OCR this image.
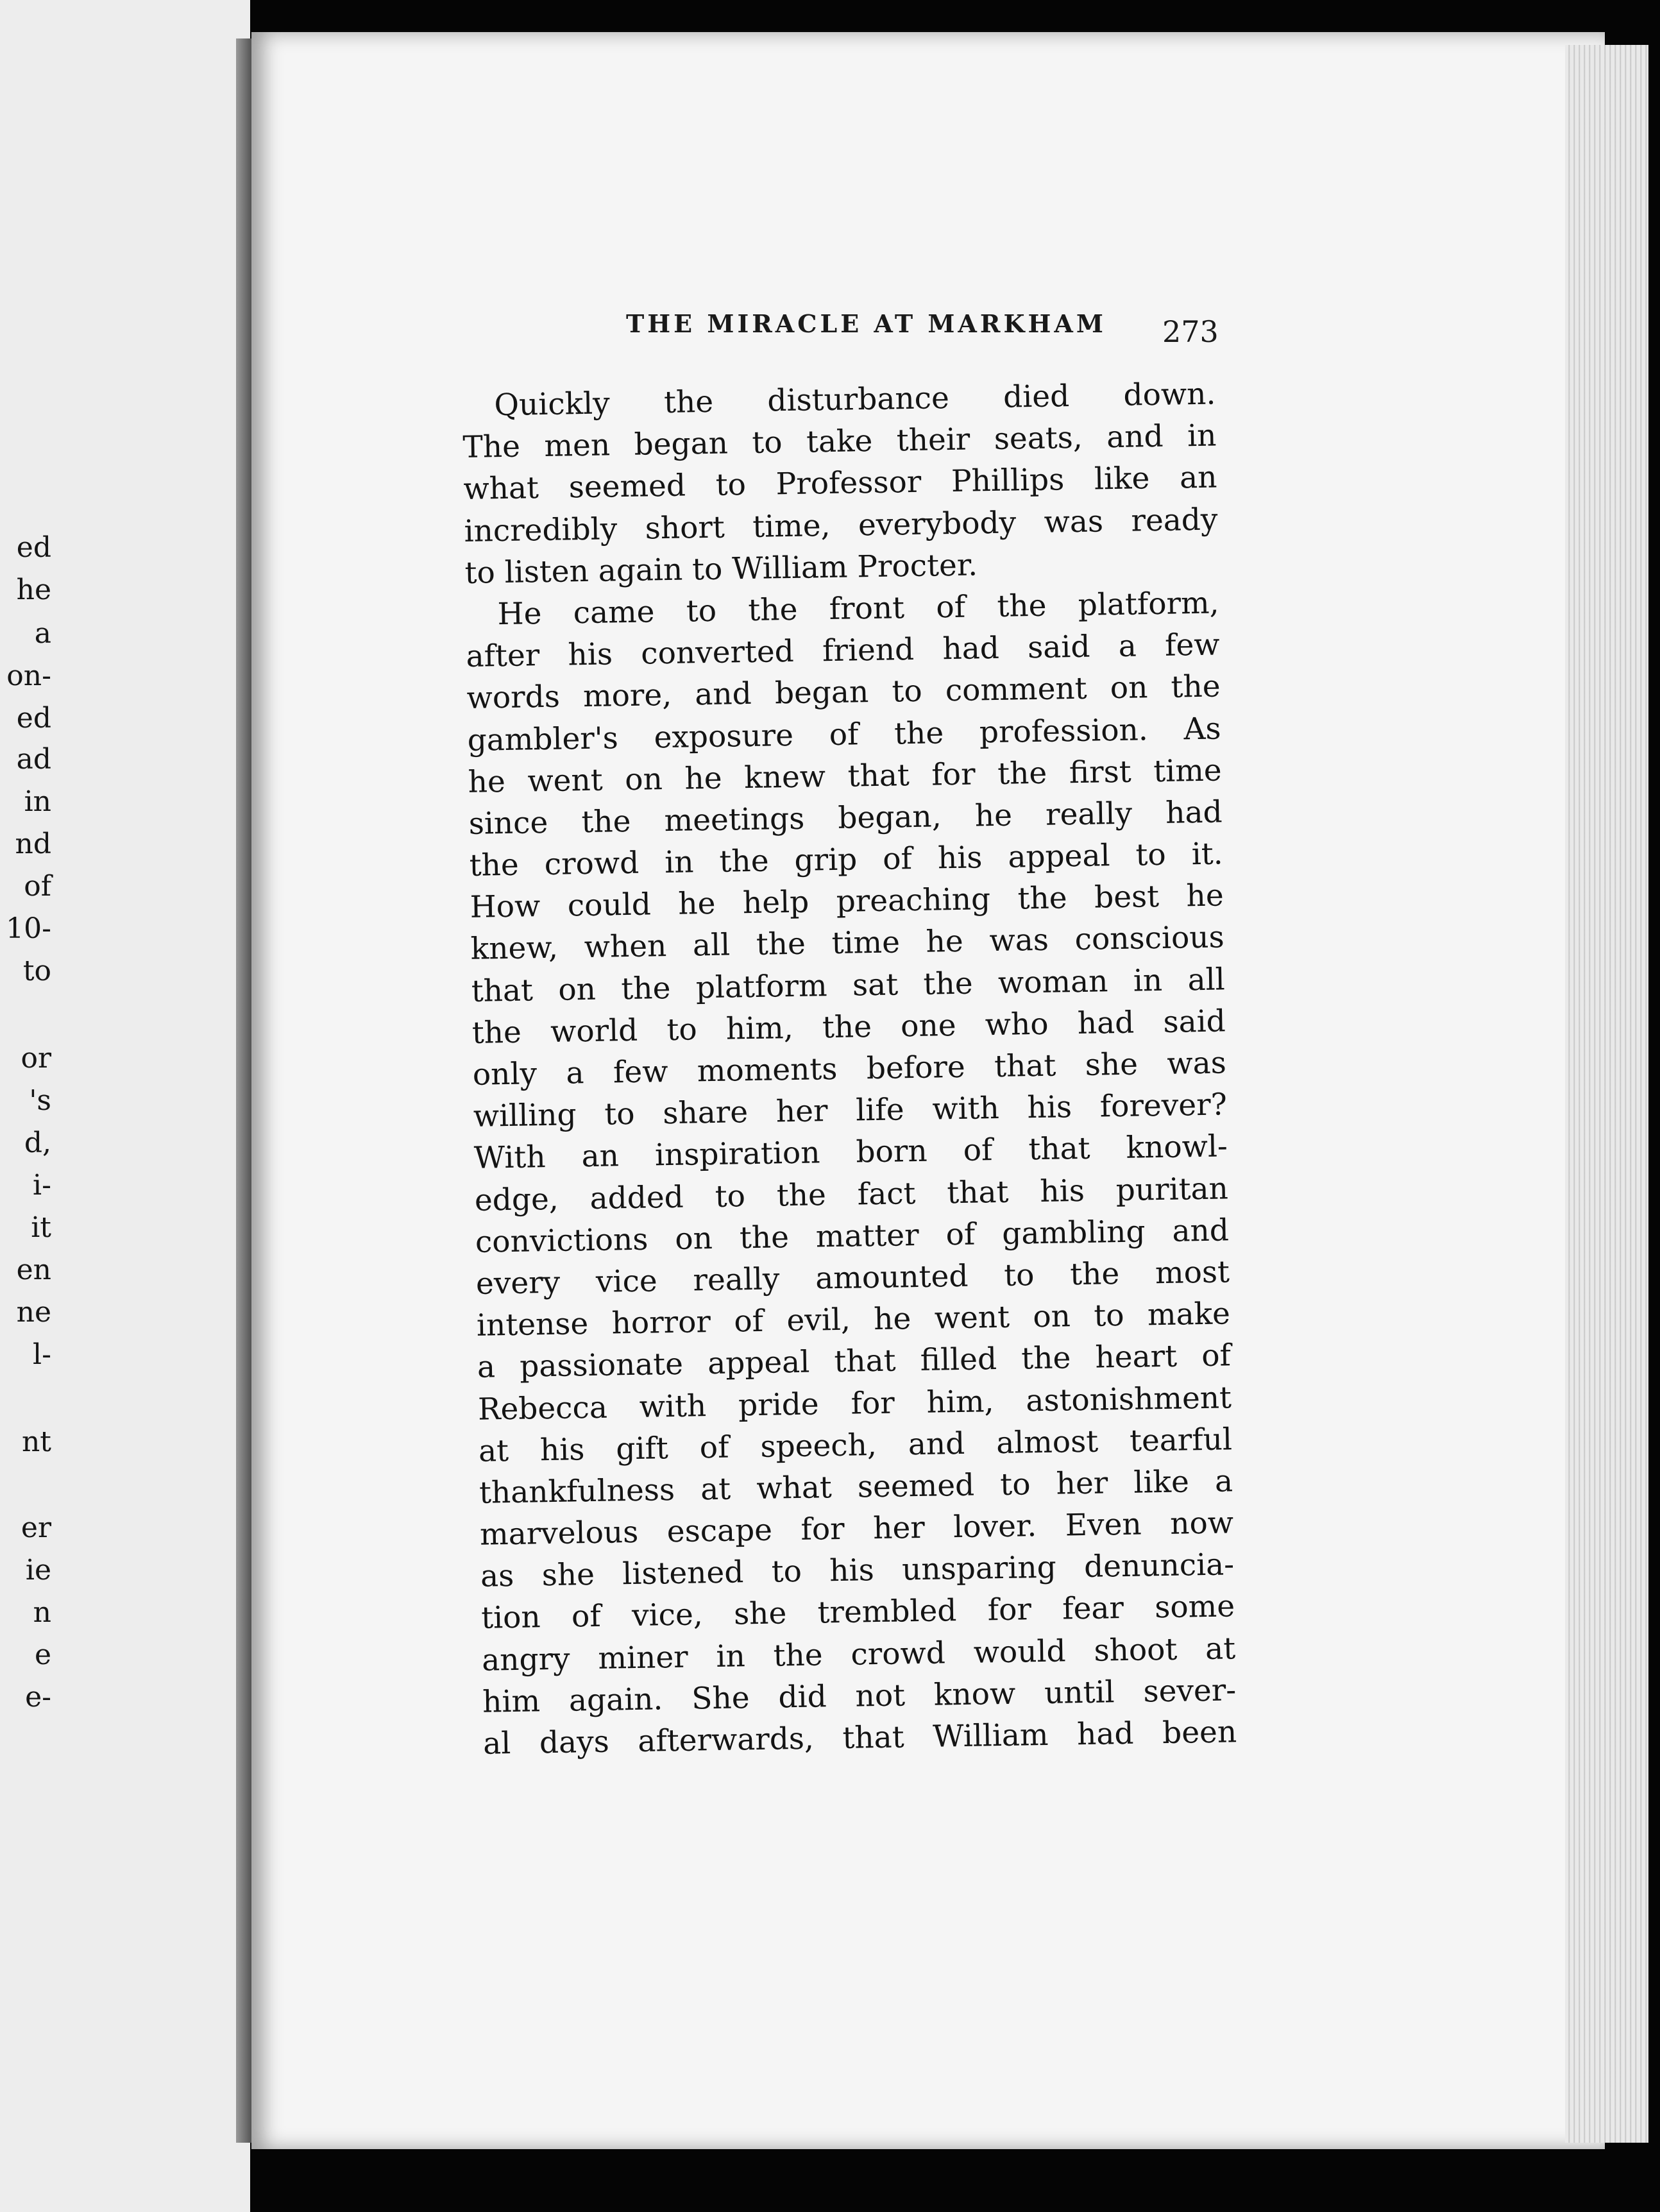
ed
he
a
on-
ed
ad
in
nd
of
10-
to
or
's
d,
i-
it
en
ne
l-
nt
er
ie
n
e
e-
THE MIRACLE AT MARKHAM 273
Quickly the disturbance died down.
The men began to take their seats, and in
what seemed to Professor Phillips like an
incredibly short time, everybody was ready
to listen again to William Procter.
He came to the front of the platform,
after his converted friend had said a few
words more, and began to comment on the
gambler's exposure of the profession. As
he went on he knew that for the first time
since the meetings began, he really had
the crowd in the grip of his appeal to it.
How could he help preaching the best he
knew, when all the time he was conscious
that on the platform sat the woman in all
the world to him, the one who had said
only a few moments before that she was
willing to share her life with his forever?
With an inspiration born of that knowl-
edge, added to the fact that his puritan
convictions on the matter of gambling and
every vice really amounted to the most
intense horror of evil, he went on to make
a passionate appeal that filled the heart of
Rebecca with pride for him, astonishment
at his gift of speech, and almost tearful
thankfulness at what seemed to her like a
marvelous escape for her lover. Even now
as she listened to his unsparing denuncia-
tion of vice, she trembled for fear some
angry miner in the crowd would shoot at
him again. She did not know until sever-
al days afterwards, that William had been
